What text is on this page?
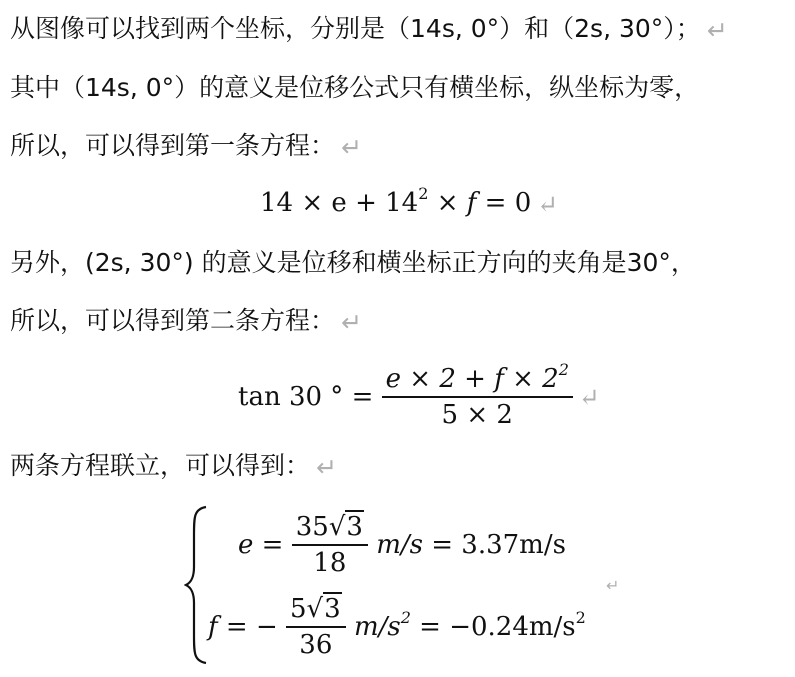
从图像可以找到两个坐标，分别是（14s, 0°）和（2s, 30°）； ↵
其中（14s, 0°）的意义是位移公式只有横坐标，纵坐标为零，
所以，可以得到第一条方程： ↵
$14 \times e + 14^2 \times f = 0$ ↵
另外，(2s, 30°) 的意义是位移和横坐标正方向的夹角是30°，
所以，可以得到第二条方程： ↵
tan 30 ° = $\frac{e \times 2 + f \times 2^2}{5 \times 2}$ ↵
两条方程联立，可以得到： ↵
$e = \frac{35√3}{18} m/s = 3.37m/s$
↵
f = − $\frac{5√3}{36} m/s^2 = -0.24m/s^2$
